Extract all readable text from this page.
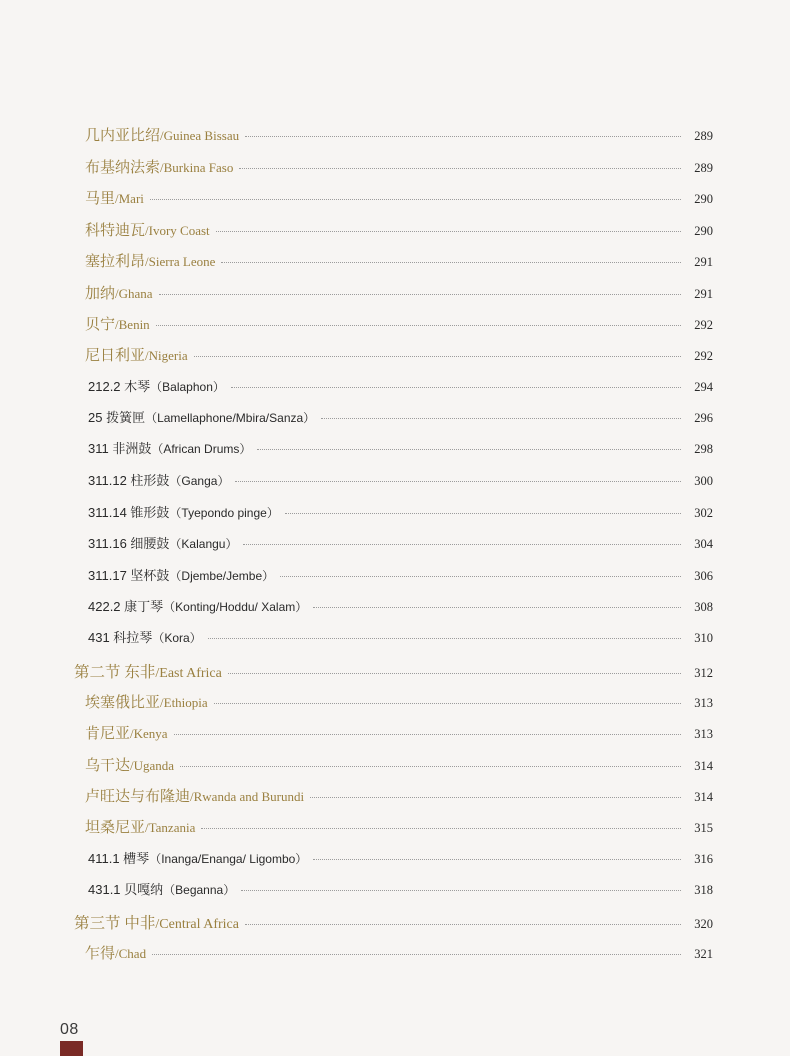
几内亚比绍/Guinea Bissau	289
布基纳法索/Burkina Faso	289
马里/Mari	290
科特迪瓦/Ivory Coast	290
塞拉利昂/Sierra Leone	291
加纳/Ghana	291
贝宁/Benin	292
尼日利亚/Nigeria	292
212.2 木琴（Balaphon）	294
25 拨簧匣（Lamellaphone/Mbira/Sanza）	296
311 非洲鼓（African Drums）	298
311.12 柱形鼓（Ganga）	300
311.14 锥形鼓（Tyepondo pinge）	302
311.16 细腰鼓（Kalangu）	304
311.17 坚杯鼓（Djembe/Jembe）	306
422.2 康丁琴（Konting/Hoddu/ Xalam）	308
431 科拉琴（Kora）	310
第二节 东非/East Africa	312
埃塞俄比亚/Ethiopia	313
肯尼亚/Kenya	313
乌干达/Uganda	314
卢旺达与布隆迪/Rwanda and Burundi	314
坦桑尼亚/Tanzania	315
411.1 槽琴（Inanga/Enanga/ Ligombo）	316
431.1 贝嘎纳（Beganna）	318
第三节 中非/Central Africa	320
乍得/Chad	321
08
